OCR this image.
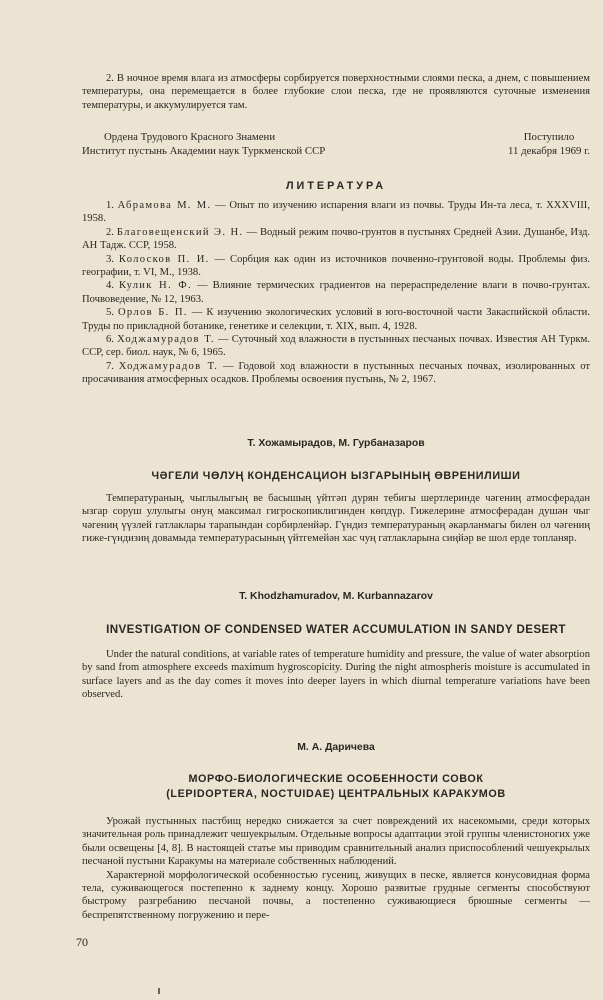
2. В ночное время влага из атмосферы сорбируется поверхностными слоями песка, а днем, с повышением температуры, она перемещается в более глубокие слои песка, где не проявляются суточные изменения температуры, и аккумулируется там.

Ордена Трудового Красного Знамени
Институт пустынь Академии наук Туркменской ССР
Поступило
11 декабря 1969 г.
ЛИТЕРАТУРА

1. Абрамова М. М. — Опыт по изучению испарения влаги из почвы. Труды Ин-та леса, т. XXXVIII, 1958.

2. Благовещенский Э. Н. — Водный режим почво-грунтов в пустынях Средней Азии. Душанбе, Изд. АН Тадж. ССР, 1958.

3. Колосков П. И. — Сорбция как один из источников почвенно-грунтовой воды. Проблемы физ. географии, т. VI, М., 1938.

4. Кулик Н. Ф. — Влияние термических градиентов на перераспределение влаги в почво-грунтах. Почвоведение, № 12, 1963.

5. Орлов Б. П. — К изучению экологических условий в юго-восточной части Закаспийской области. Труды по прикладной ботанике, генетике и селекции, т. XIX, вып. 4, 1928.

6. Ходжамурадов Т. — Суточный ход влажности в пустынных песчаных почвах. Известия АН Туркм. ССР, сер. биол. наук, № 6, 1965.

7. Ходжамурадов Т. — Годовой ход влажности в пустынных песчаных почвах, изолированных от просачивания атмосферных осадков. Проблемы освоения пустынь, № 2, 1967.

Т. Хожамырадов, М. Гурбаназаров
ЧӘГЕЛИ ЧӨЛУҢ КОНДЕНСАЦИОН ЫЗГАРЫНЫҢ ӨВРЕНИЛИШИ

Температураның, чыглылыгың ве басышың үйтгәп дурян тебигы шертлеринде чәгениң атмосферадан ызгар соруш улулыгы онуң максимал гигроскопиклигинден көпдүр. Гижелерине атмосферадан душән чыг чәгениң үүзлей гатлаклары тарапындан сорбирленйәр. Гүндиз температураның әкарланмагы билен ол чәгениң гиже-гүндизиң довамыда температурасының үйтгемейән хас чуң гатлакларына сиңйәр ве шол ерде топланяр.

T. Khodzhamuradov, M. Kurbannazarov
INVESTIGATION OF CONDENSED WATER ACCUMULATION IN SANDY DESERT

Under the natural conditions, at variable rates of temperature humidity and pressure, the value of water absorption by sand from atmosphere exceeds maximum hygroscopicity. During the night atmospheris moisture is accumulated in surface layers and as the day comes it moves into deeper layers in which diurnal temperature variations have been observed.

М. А. Даричева
МОРФО-БИОЛОГИЧЕСКИЕ ОСОБЕННОСТИ СОВОК
(LEPIDOPTERA, NOCTUIDAE) ЦЕНТРАЛЬНЫХ КАРАКУМОВ

Урожай пустынных пастбищ нередко снижается за счет повреждений их насекомыми, среди которых значительная роль принадлежит чешуекрылым. Отдельные вопросы адаптации этой группы членистоногих уже были освещены [4, 8]. В настоящей статье мы приводим сравнительный анализ приспособлений чешуекрылых песчаной пустыни Каракумы на материале собственных наблюдений.

Характерной морфологической особенностью гусениц, живущих в песке, является конусовидная форма тела, суживающегося постепенно к заднему концу. Хорошо развитые грудные сегменты способствуют быстрому разгребанию песчаной почвы, а постепенно суживающиеся брюшные сегменты — беспрепятственному погружению и пере-

70
